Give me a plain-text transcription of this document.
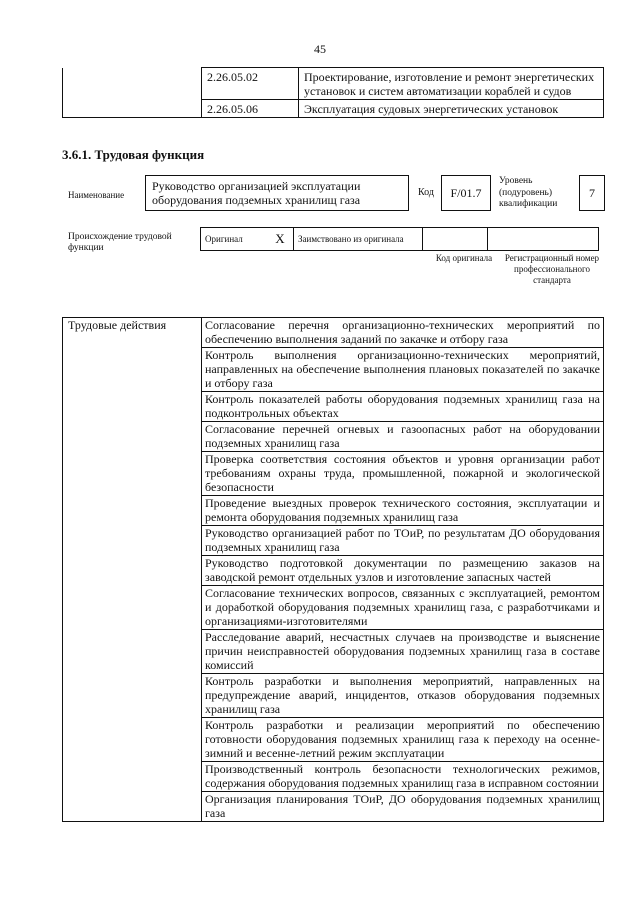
45
	2.26.05.02	Проектирование, изготовление и ремонт энергетических установок и систем автоматизации кораблей и судов
	2.26.05.06	Эксплуатация судовых энергетических установок
3.6.1. Трудовая функция
Наименование
Руководство организацией эксплуатации оборудования подземных хранилищ газа
Код	F/01.7
Уровень (подуровень) квалификации
7
Происхождение трудовой функции
Оригинал	X	Заимствовано из оригинала		
Код оригинала	Регистрационный номер профессионального стандарта
Трудовые действия	Согласование перечня организационно-технических мероприятий по обеспечению выполнения заданий по закачке и отбору газа
Контроль выполнения организационно-технических мероприятий, направленных на обеспечение выполнения плановых показателей по закачке и отбору газа
Контроль показателей работы оборудования подземных хранилищ газа на подконтрольных объектах
Согласование перечней огневых и газоопасных работ на оборудовании подземных хранилищ газа
Проверка соответствия состояния объектов и уровня организации работ требованиям охраны труда, промышленной, пожарной и экологической безопасности
Проведение выездных проверок технического состояния, эксплуатации и ремонта оборудования подземных хранилищ газа
Руководство организацией работ по ТОиР, по результатам ДО оборудования подземных хранилищ газа
Руководство подготовкой документации по размещению заказов на заводской ремонт отдельных узлов и изготовление запасных частей
Согласование технических вопросов, связанных с эксплуатацией, ремонтом и доработкой оборудования подземных хранилищ газа, с разработчиками и организациями-изготовителями
Расследование аварий, несчастных случаев на производстве и выяснение причин неисправностей оборудования подземных хранилищ газа в составе комиссий
Контроль разработки и выполнения мероприятий, направленных на предупреждение аварий, инцидентов, отказов оборудования подземных хранилищ газа
Контроль разработки и реализации мероприятий по обеспечению готовности оборудования подземных хранилищ газа к переходу на осенне-зимний и весенне-летний режим эксплуатации
Производственный контроль безопасности технологических режимов, содержания оборудования подземных хранилищ газа в исправном состоянии
Организация планирования ТОиР, ДО оборудования подземных хранилищ газа
